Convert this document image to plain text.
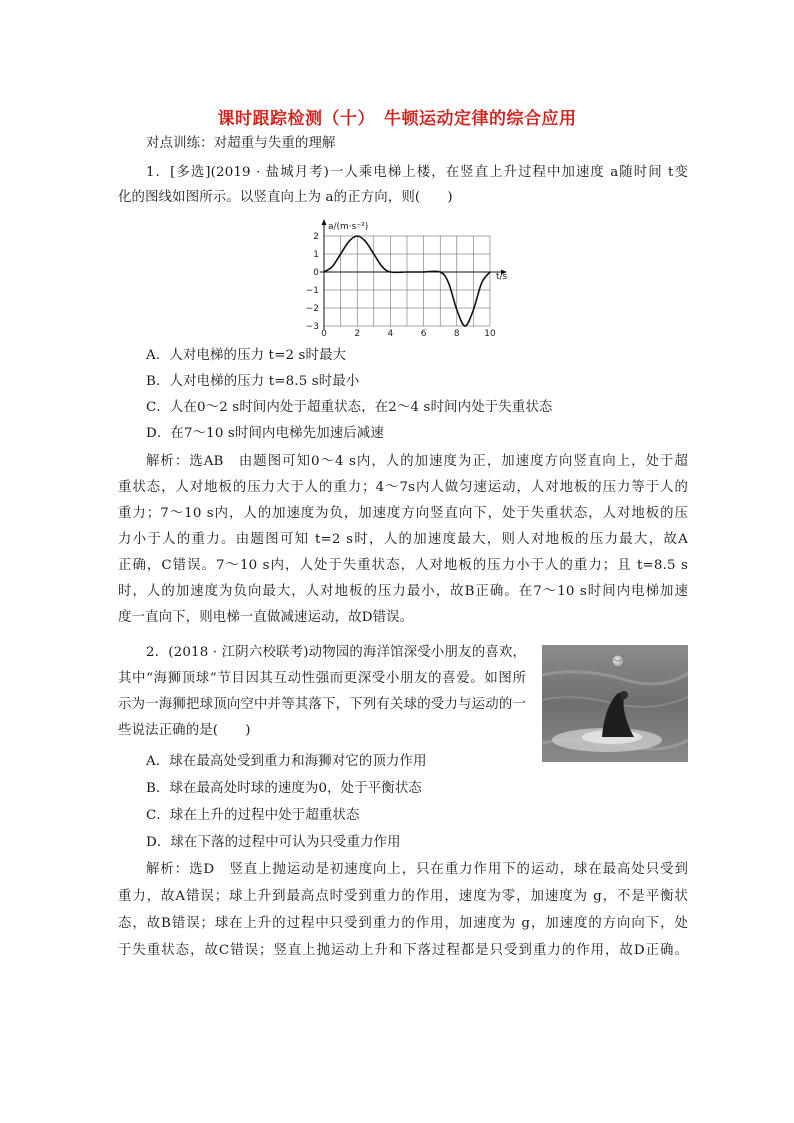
课时跟踪检测（十）　牛顿运动定律的综合应用
对点训练：对超重与失重的理解
1．[多选](2019 · 盐城月考)一人乘电梯上楼，在竖直上升过程中加速度 a随时间 t变
化的图线如图所示。以竖直向上为 a的正方向，则(　　)
0	2	4	6	8	10
2
1
0
−1
−2
−3
a/(m·s⁻²)
t/s
A．人对电梯的压力 t=2 s时最大
B．人对电梯的压力 t=8.5 s时最小
C．人在0～2 s时间内处于超重状态，在2～4 s时间内处于失重状态
D．在7～10 s时间内电梯先加速后减速
解析：选AB　由题图可知0～4 s内，人的加速度为正，加速度方向竖直向上，处于超
重状态，人对地板的压力大于人的重力；4～7s内人做匀速运动，人对地板的压力等于人的
重力；7～10 s内，人的加速度为负，加速度方向竖直向下，处于失重状态，人对地板的压
力小于人的重力。由题图可知 t=2 s时，人的加速度最大，则人对地板的压力最大，故A
正确，C错误。7～10 s内，人处于失重状态，人对地板的压力小于人的重力；且 t=8.5 s
时，人的加速度为负向最大，人对地板的压力最小，故B正确。在7～10 s时间内电梯加速
度一直向下，则电梯一直做减速运动，故D错误。
2．(2018 · 江阴六校联考)动物园的海洋馆深受小朋友的喜欢，
其中“海狮顶球”节目因其互动性强而更深受小朋友的喜爱。如图所
示为一海狮把球顶向空中并等其落下，下列有关球的受力与运动的一
些说法正确的是(　　)
A．球在最高处受到重力和海狮对它的顶力作用
B．球在最高处时球的速度为0，处于平衡状态
C．球在上升的过程中处于超重状态
D．球在下落的过程中可认为只受重力作用
解析：选D　竖直上抛运动是初速度向上，只在重力作用下的运动，球在最高处只受到
重力，故A错误；球上升到最高点时受到重力的作用，速度为零，加速度为 g，不是平衡状
态，故B错误；球在上升的过程中只受到重力的作用，加速度为 g，加速度的方向向下，处
于失重状态，故C错误；竖直上抛运动上升和下落过程都是只受到重力的作用，故D正确。
